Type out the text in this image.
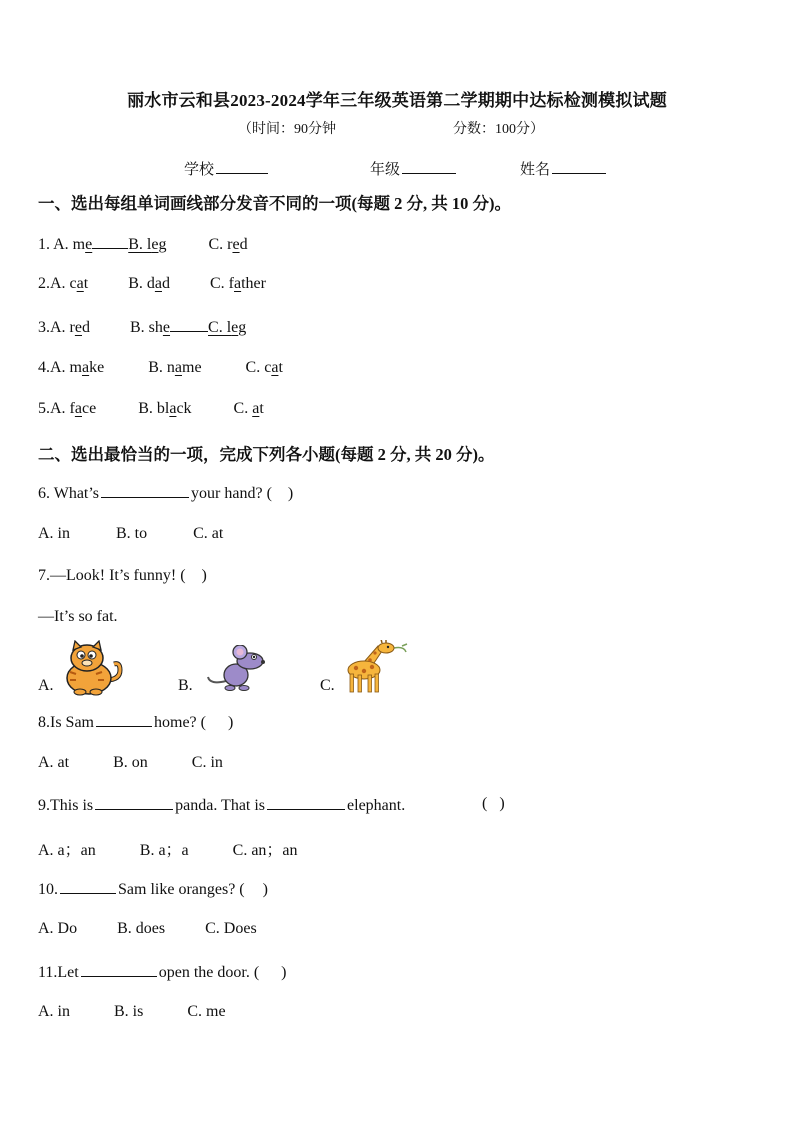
丽水市云和县2023-2024学年三年级英语第二学期期中达标检测模拟试题
（时间：90分钟	分数：100分）
学校	年级	姓名
一、选出每组单词画线部分发音不同的一项(每题 2 分, 共 10 分)。
1. A. me B. leg	C. red
2.A. cat	B. dad	C. father
3.A. red	B. she C. leg
4.A. make	B. name	C. cat
5.A. face	B. black	C. at
二、选出最恰当的一项，完成下列各小题(每题 2 分, 共 20 分)。
6. What’s	your hand? ( )
A. in	B. to	C. at
7.—Look! It’s funny! ( )
—It’s so fat.
A.	B.	C.
8.Is Sam	home? ( )
A. at	B. on	C. in
9.This is	panda. That is	elephant.	( )
A. a；an	B. a；a	C. an；an
10.	Sam like oranges? ( )
A. Do	B. does	C. Does
11.Let	open the door. ( )
A. in	B. is	C. me
